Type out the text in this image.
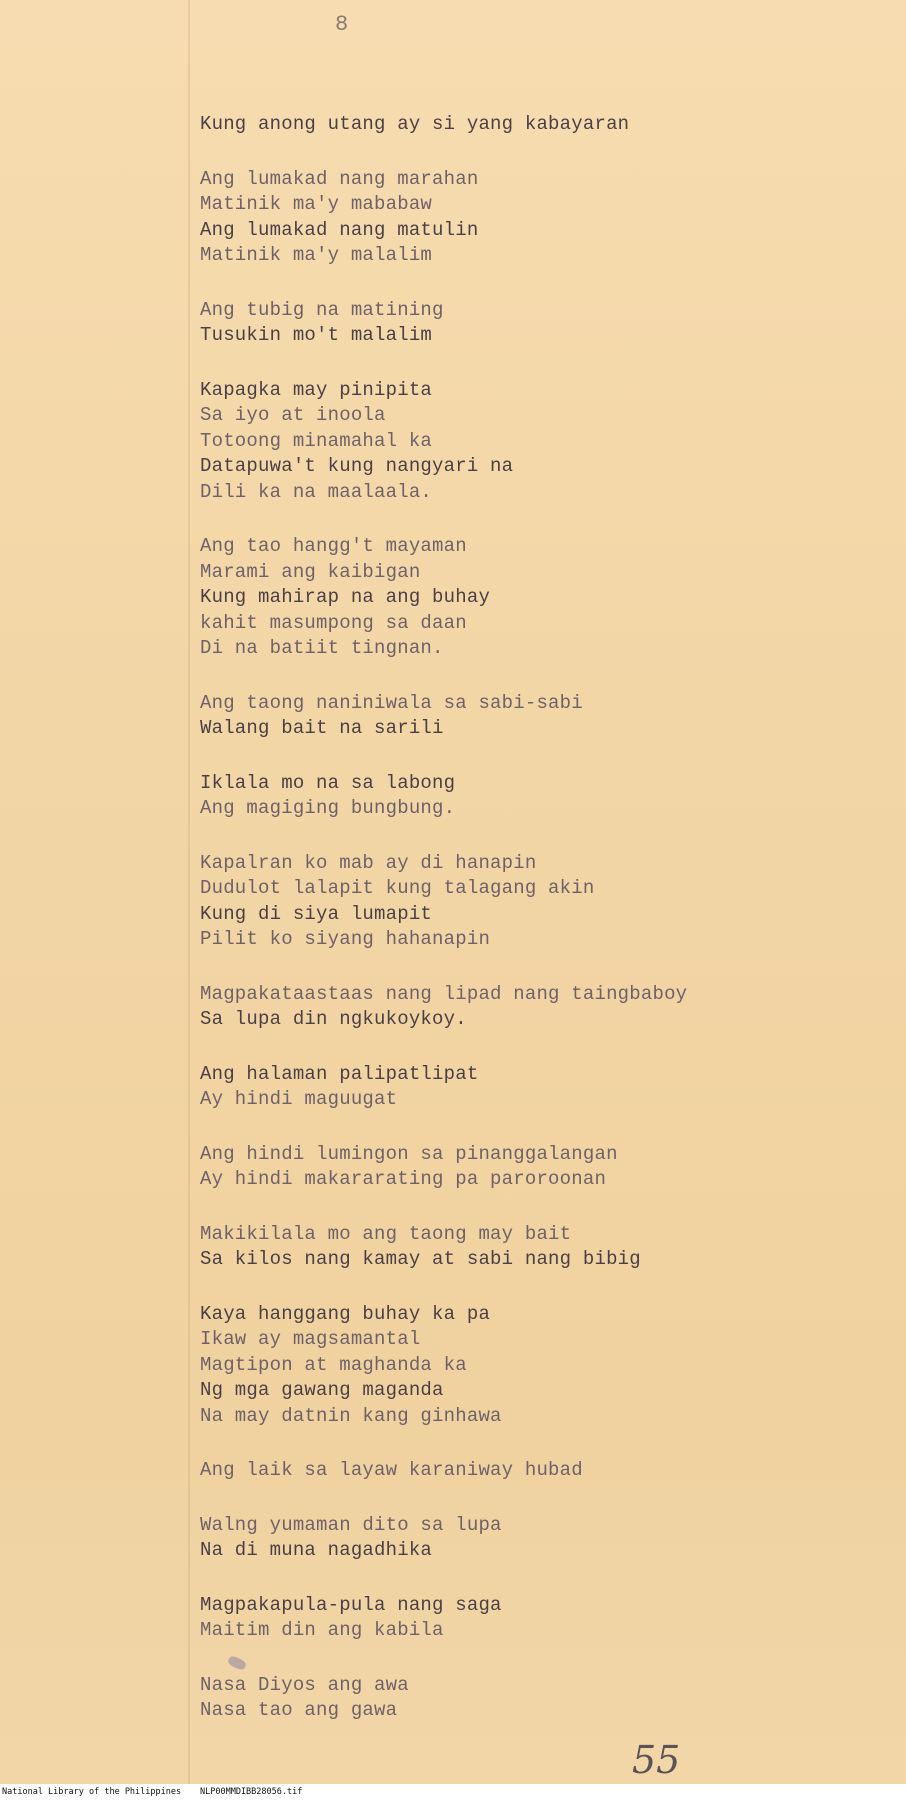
8
Kung anong utang ay si yang kabayaran
Ang lumakad nang marahan
Matinik ma'y mababaw
Ang lumakad nang matulin
Matinik ma'y malalim
Ang tubig na matining
Tusukin mo't malalim
Kapagka may pinipita
Sa iyo at inoola
Totoong minamahal ka
Datapuwa't kung nangyari na
Dili ka na maalaala.
Ang tao hangg't mayaman
Marami ang kaibigan
Kung mahirap na ang buhay
kahit masumpong sa daan
Di na batiit tingnan.
Ang taong naniniwala sa sabi-sabi
Walang bait na sarili
Iklala mo na sa labong
Ang magiging bungbung.
Kapalran ko mab ay di hanapin
Dudulot lalapit kung talagang akin
Kung di siya lumapit
Pilit ko siyang hahanapin
Magpakataastaas nang lipad nang taingbaboy
Sa lupa din ngkukoykoy.
Ang halaman palipatlipat
Ay hindi maguugat
Ang hindi lumingon sa pinanggalangan
Ay hindi makararating pa paroroonan
Makikilala mo ang taong may bait
Sa kilos nang kamay at sabi nang bibig
Kaya hanggang buhay ka pa
Ikaw ay magsamantal
Magtipon at maghanda ka
Ng mga gawang maganda
Na may datnin kang ginhawa
Ang laik sa layaw karaniway hubad
Walng yumaman dito sa lupa
Na di muna nagadhika
Magpakapula-pula nang saga
Maitim din ang kabila
Nasa Diyos ang awa
Nasa tao ang gawa
55
National Library of the Philippines NLP00MMDIBB28056.tif
